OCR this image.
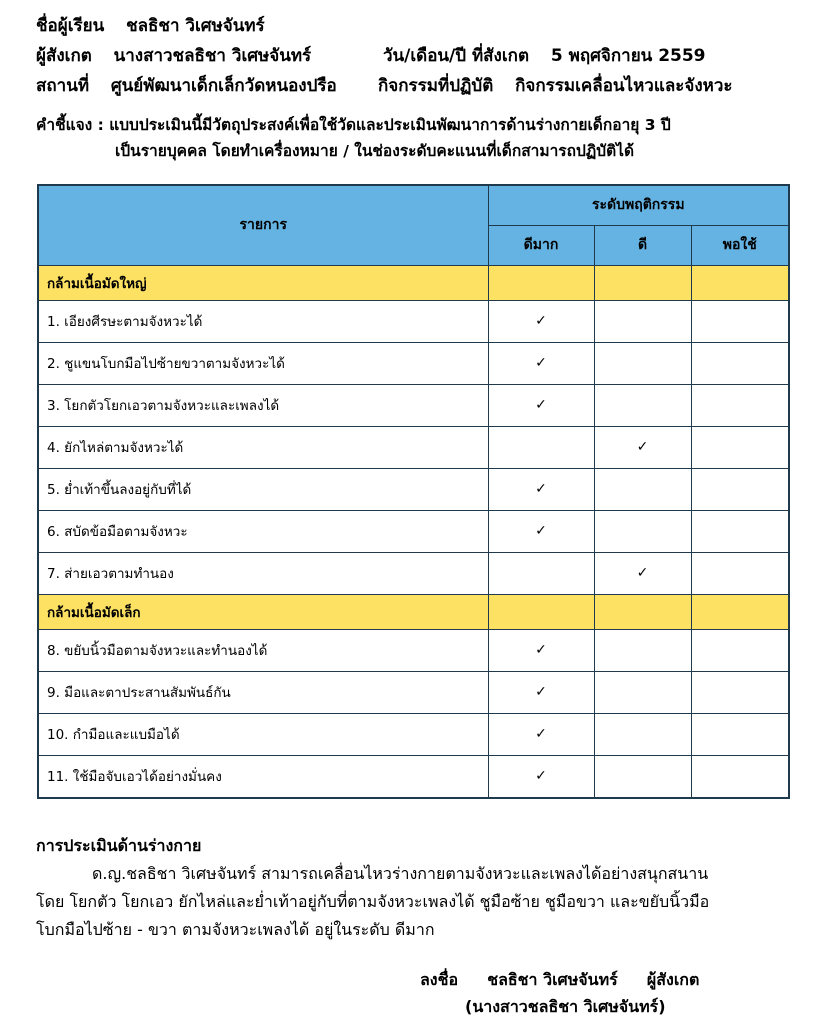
ชื่อผู้เรียน ชลธิชา วิเศษจันทร์
ผู้สังเกต นางสาวชลธิชา วิเศษจันทร์	วัน/เดือน/ปี ที่สังเกต 5 พฤศจิกายน 2559
สถานที่ ศูนย์พัฒนาเด็กเล็กวัดหนองปรือ กิจกรรมที่ปฏิบัติ กิจกรรมเคลื่อนไหวและจังหวะ
คำชี้แจง : แบบประเมินนี้มีวัตถุประสงค์เพื่อใช้วัดและประเมินพัฒนาการด้านร่างกายเด็กอายุ 3 ปี
เป็นรายบุคคล โดยทำเครื่องหมาย / ในช่องระดับคะแนนที่เด็กสามารถปฏิบัติได้
รายการ	ระดับพฤติกรรม		
	ดีมาก	ดี	พอใช้
กล้ามเนื้อมัดใหญ่			
1. เอียงศีรษะตามจังหวะได้	✓		
2. ชูแขนโบกมือไปซ้ายขวาตามจังหวะได้	✓		
3. โยกตัวโยกเอวตามจังหวะและเพลงได้	✓		
4. ยักไหล่ตามจังหวะได้		✓	
5. ย่ำเท้าขึ้นลงอยู่กับที่ได้	✓		
6. สบัดข้อมือตามจังหวะ	✓		
7. ส่ายเอวตามทำนอง		✓	
กล้ามเนื้อมัดเล็ก			
8. ขยับนิ้วมือตามจังหวะและทำนองได้	✓		
9. มือและตาประสานสัมพันธ์กัน	✓		
10. กำมือและแบมือได้	✓		
11. ใช้มือจับเอวได้อย่างมั่นคง	✓		
การประเมินด้านร่างกาย
ด.ญ.ชลธิชา วิเศษจันทร์ สามารถเคลื่อนไหวร่างกายตามจังหวะและเพลงได้อย่างสนุกสนาน
โดย โยกตัว โยกเอว ยักไหล่และย่ำเท้าอยู่กับที่ตามจังหวะเพลงได้ ชูมือซ้าย ชูมือขวา และขยับนิ้วมือ
โบกมือไปซ้าย - ขวา ตามจังหวะเพลงได้ อยู่ในระดับ ดีมาก
ลงชื่อ ชลธิชา วิเศษจันทร์ ผู้สังเกต
(นางสาวชลธิชา วิเศษจันทร์)
